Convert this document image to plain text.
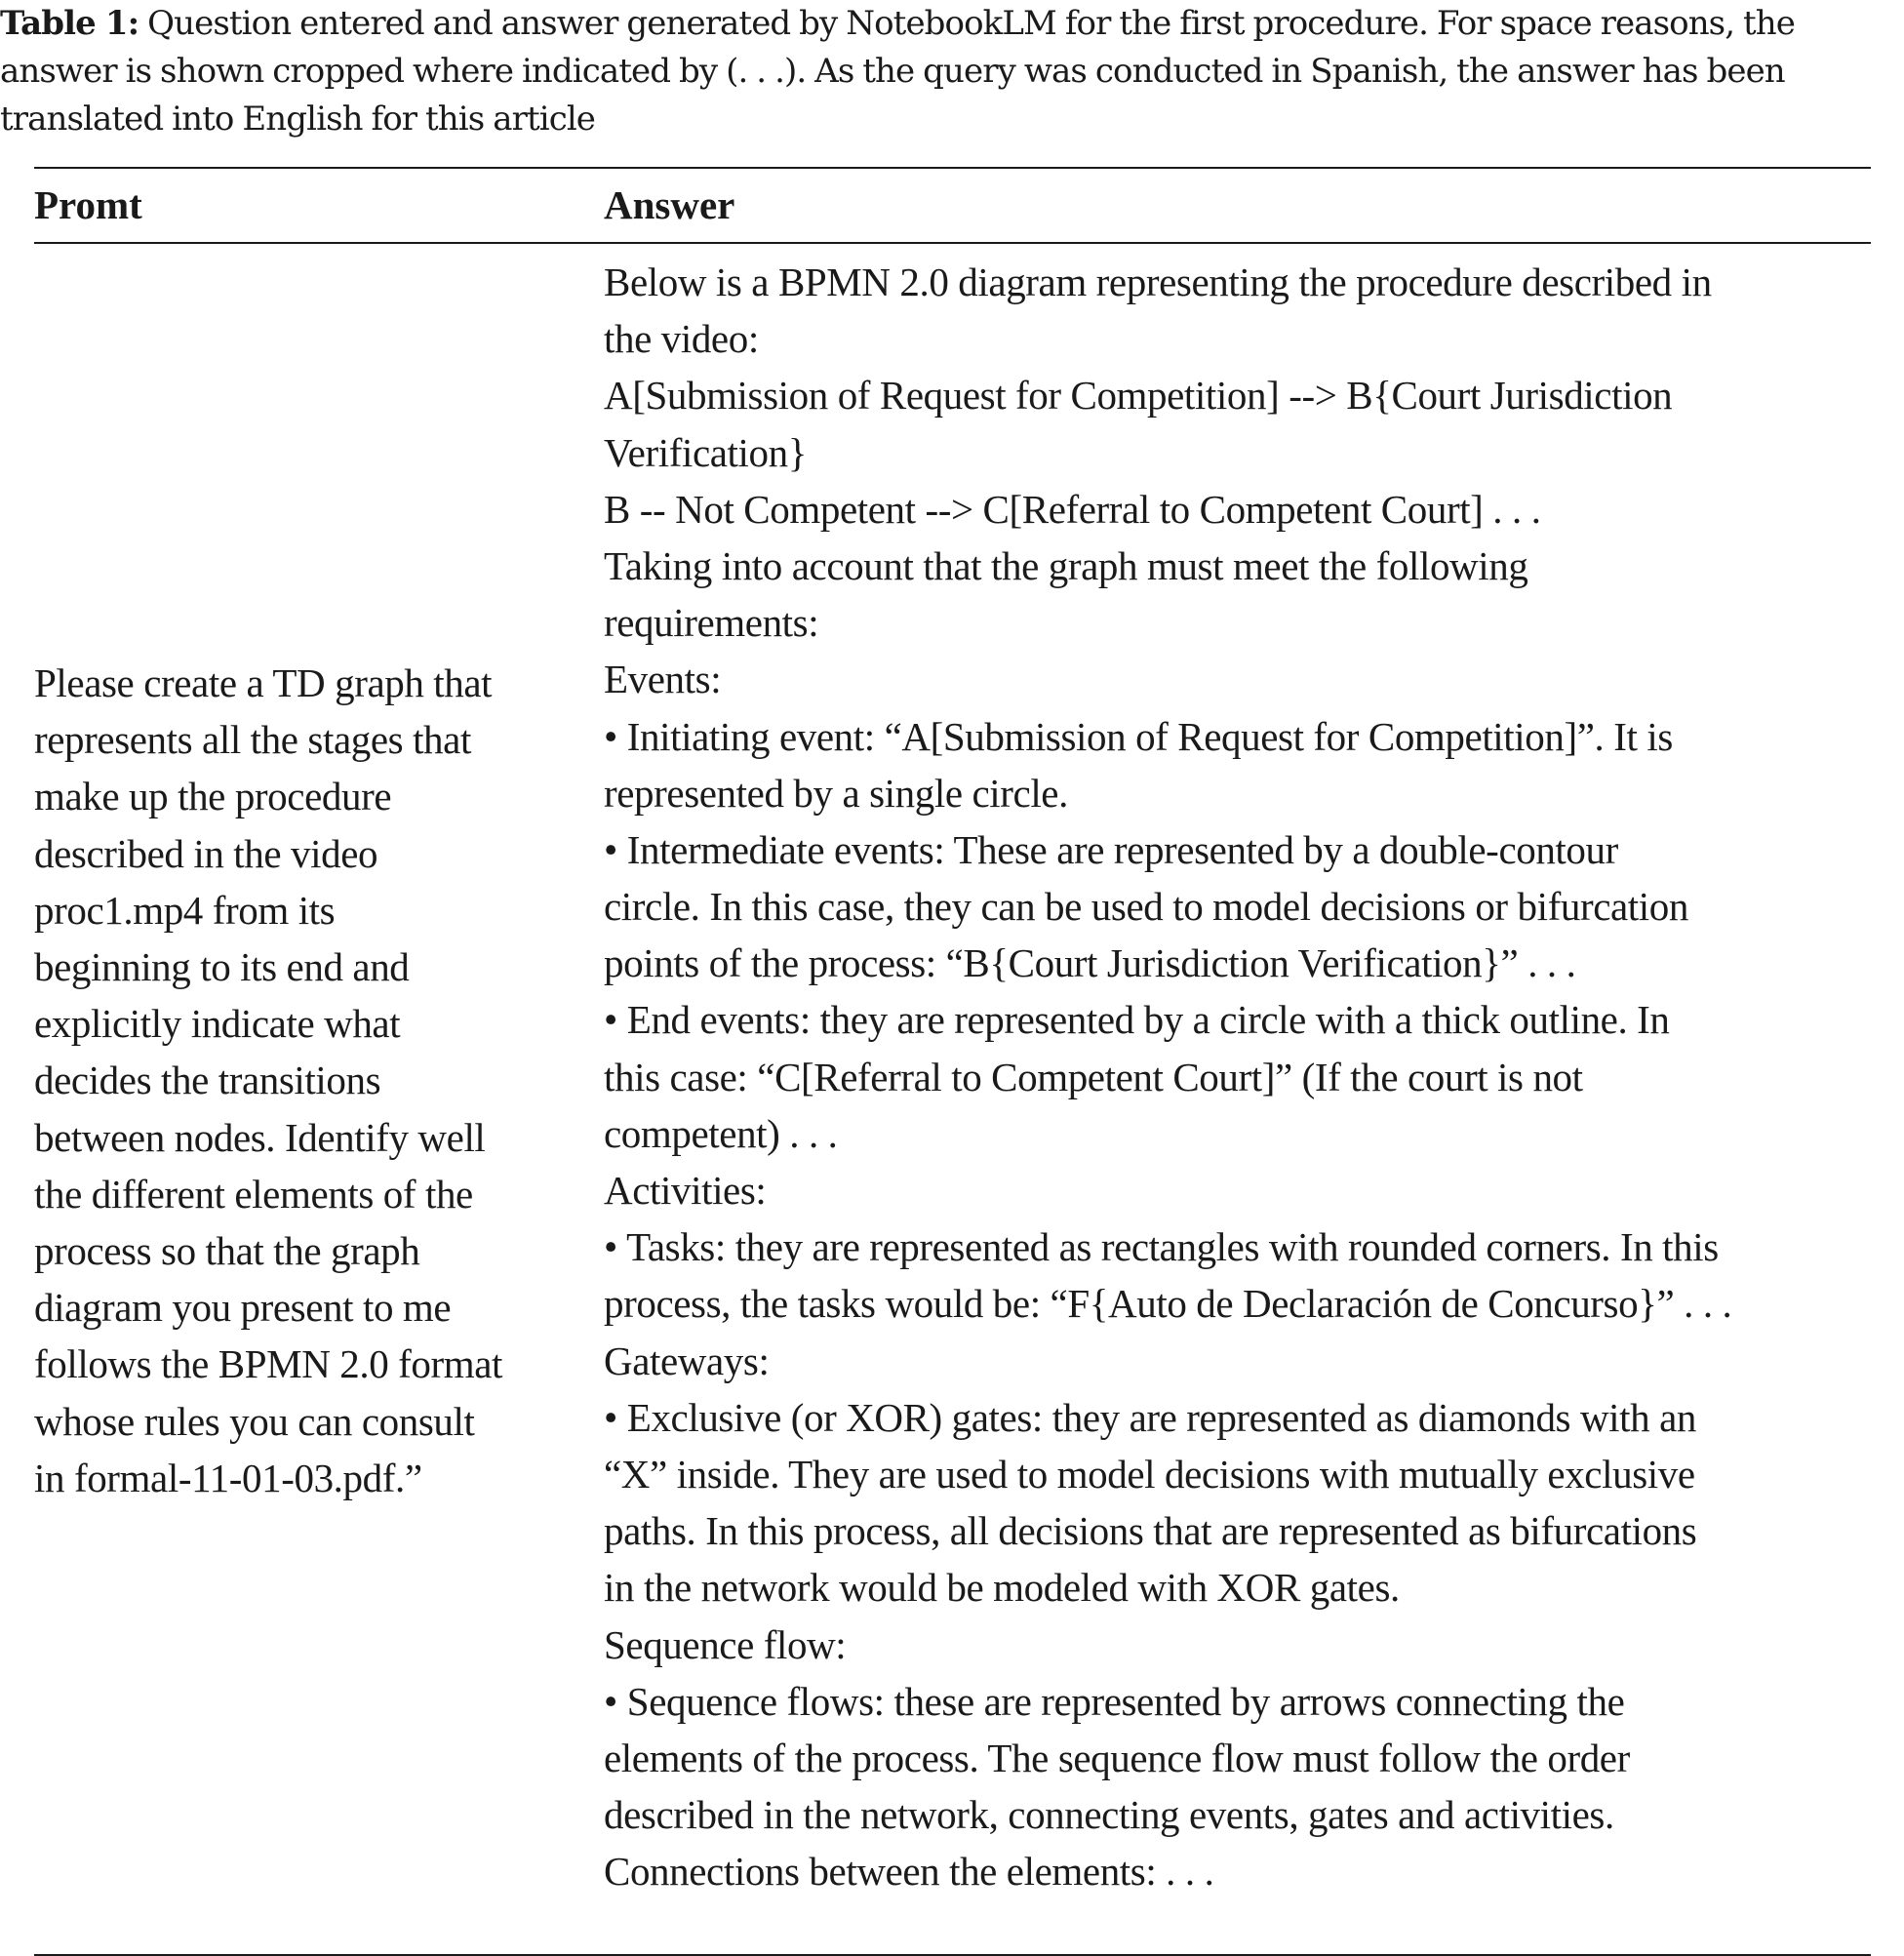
Table 1: Question entered and answer generated by NotebookLM for the first procedure. For space reasons, the answer is shown cropped where indicated by (. . .). As the query was conducted in Spanish, the answer has been translated into English for this article
Promt	Answer
Please create a TD graph that
represents all the stages that
make up the procedure
described in the video
proc1.mp4 from its
beginning to its end and
explicitly indicate what
decides the transitions
between nodes. Identify well
the different elements of the
process so that the graph
diagram you present to me
follows the BPMN 2.0 format
whose rules you can consult
in formal-11-01-03.pdf.”
Below is a BPMN 2.0 diagram representing the procedure described in
the video:
A[Submission of Request for Competition] --> B{Court Jurisdiction
Verification}
B -- Not Competent --> C[Referral to Competent Court] . . .
Taking into account that the graph must meet the following
requirements:
Events:
• Initiating event: “A[Submission of Request for Competition]”. It is
represented by a single circle.
• Intermediate events: These are represented by a double-contour
circle. In this case, they can be used to model decisions or bifurcation
points of the process: “B{Court Jurisdiction Verification}” . . .
• End events: they are represented by a circle with a thick outline. In
this case: “C[Referral to Competent Court]” (If the court is not
competent) . . .
Activities:
• Tasks: they are represented as rectangles with rounded corners. In this
process, the tasks would be: “F{Auto de Declaración de Concurso}” . . .
Gateways:
• Exclusive (or XOR) gates: they are represented as diamonds with an
“X” inside. They are used to model decisions with mutually exclusive
paths. In this process, all decisions that are represented as bifurcations
in the network would be modeled with XOR gates.
Sequence flow:
• Sequence flows: these are represented by arrows connecting the
elements of the process. The sequence flow must follow the order
described in the network, connecting events, gates and activities.
Connections between the elements: . . .
